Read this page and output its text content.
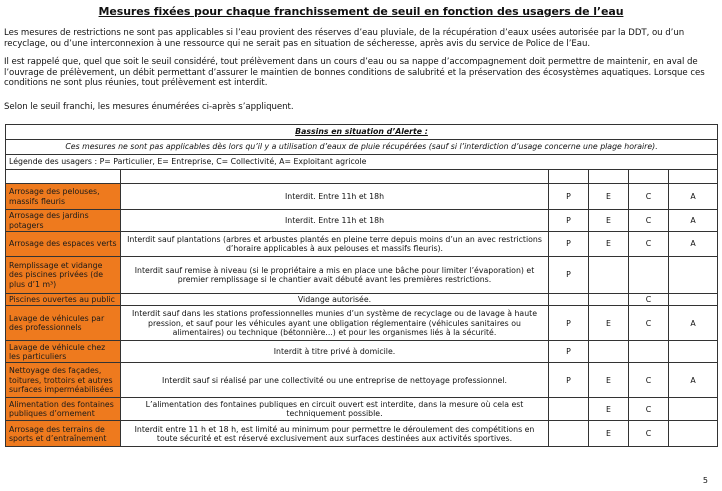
Mesures fixées pour chaque franchissement de seuil en fonction des usagers de l’eau
Les mesures de restrictions ne sont pas applicables si l’eau provient des réserves d’eau pluviale, de la récupération d’eaux usées autorisée par la DDT, ou d’un recyclage, ou d’une interconnexion à une ressource qui ne serait pas en situation de sécheresse, après avis du service de Police de l’Eau.
Il est rappelé que, quel que soit le seuil considéré, tout prélèvement dans un cours d’eau ou sa nappe d’accompagnement doit permettre de maintenir, en aval de l’ouvrage de prélèvement, un débit permettant d’assurer le maintien de bonnes conditions de salubrité et la préservation des écosystèmes aquatiques. Lorsque ces conditions ne sont plus réunies, tout prélèvement est interdit.
Selon le seuil franchi, les mesures énumérées ci-après s’appliquent.
Bassins en situation d’Alerte :					
Ces mesures ne sont pas applicables dès lors qu’il y a utilisation d’eaux de pluie récupérées (sauf si l’interdiction d’usage concerne une plage horaire).					
Légende des usagers : P= Particulier, E= Entreprise, C= Collectivité, A= Exploitant agricole					

Arrosage des pelouses, massifs fleuris	Interdit. Entre 11h et 18h	P	E	C	A
Arrosage des jardins potagers	Interdit. Entre 11h et 18h	P	E	C	A
Arrosage des espaces verts	Interdit sauf plantations (arbres et arbustes plantés en pleine terre depuis moins d’un an avec restrictions d’horaire applicables à aux pelouses et massifs fleuris).	P	E	C	A
Remplissage et vidange des piscines privées (de plus d’1 m³)	Interdit sauf remise à niveau (si le propriétaire a mis en place une bâche pour limiter l’évaporation) et premier remplissage si le chantier avait débuté avant les premières restrictions.	P			
Piscines ouvertes au public	Vidange autorisée.			C	
Lavage de véhicules par des professionnels	Interdit sauf dans les stations professionnelles munies d’un système de recyclage ou de lavage à haute pression, et sauf pour les véhicules ayant une obligation réglementaire (véhicules sanitaires ou alimentaires) ou technique (bétonnière...) et pour les organismes liés à la sécurité.	P	E	C	A
Lavage de véhicule chez les particuliers	Interdit à titre privé à domicile.	P			
Nettoyage des façades, toitures, trottoirs et autres surfaces imperméabilisées	Interdit sauf si réalisé par une collectivité ou une entreprise de nettoyage professionnel.	P	E	C	A
Alimentation des fontaines publiques d’ornement	L’alimentation des fontaines publiques en circuit ouvert est interdite, dans la mesure où cela est techniquement possible.		E	C	
Arrosage des terrains de sports et d’entraînement	Interdit entre 11 h et 18 h, est limité au minimum pour permettre le déroulement des compétitions en toute sécurité et est réservé exclusivement aux surfaces destinées aux activités sportives.		E	C	
5
